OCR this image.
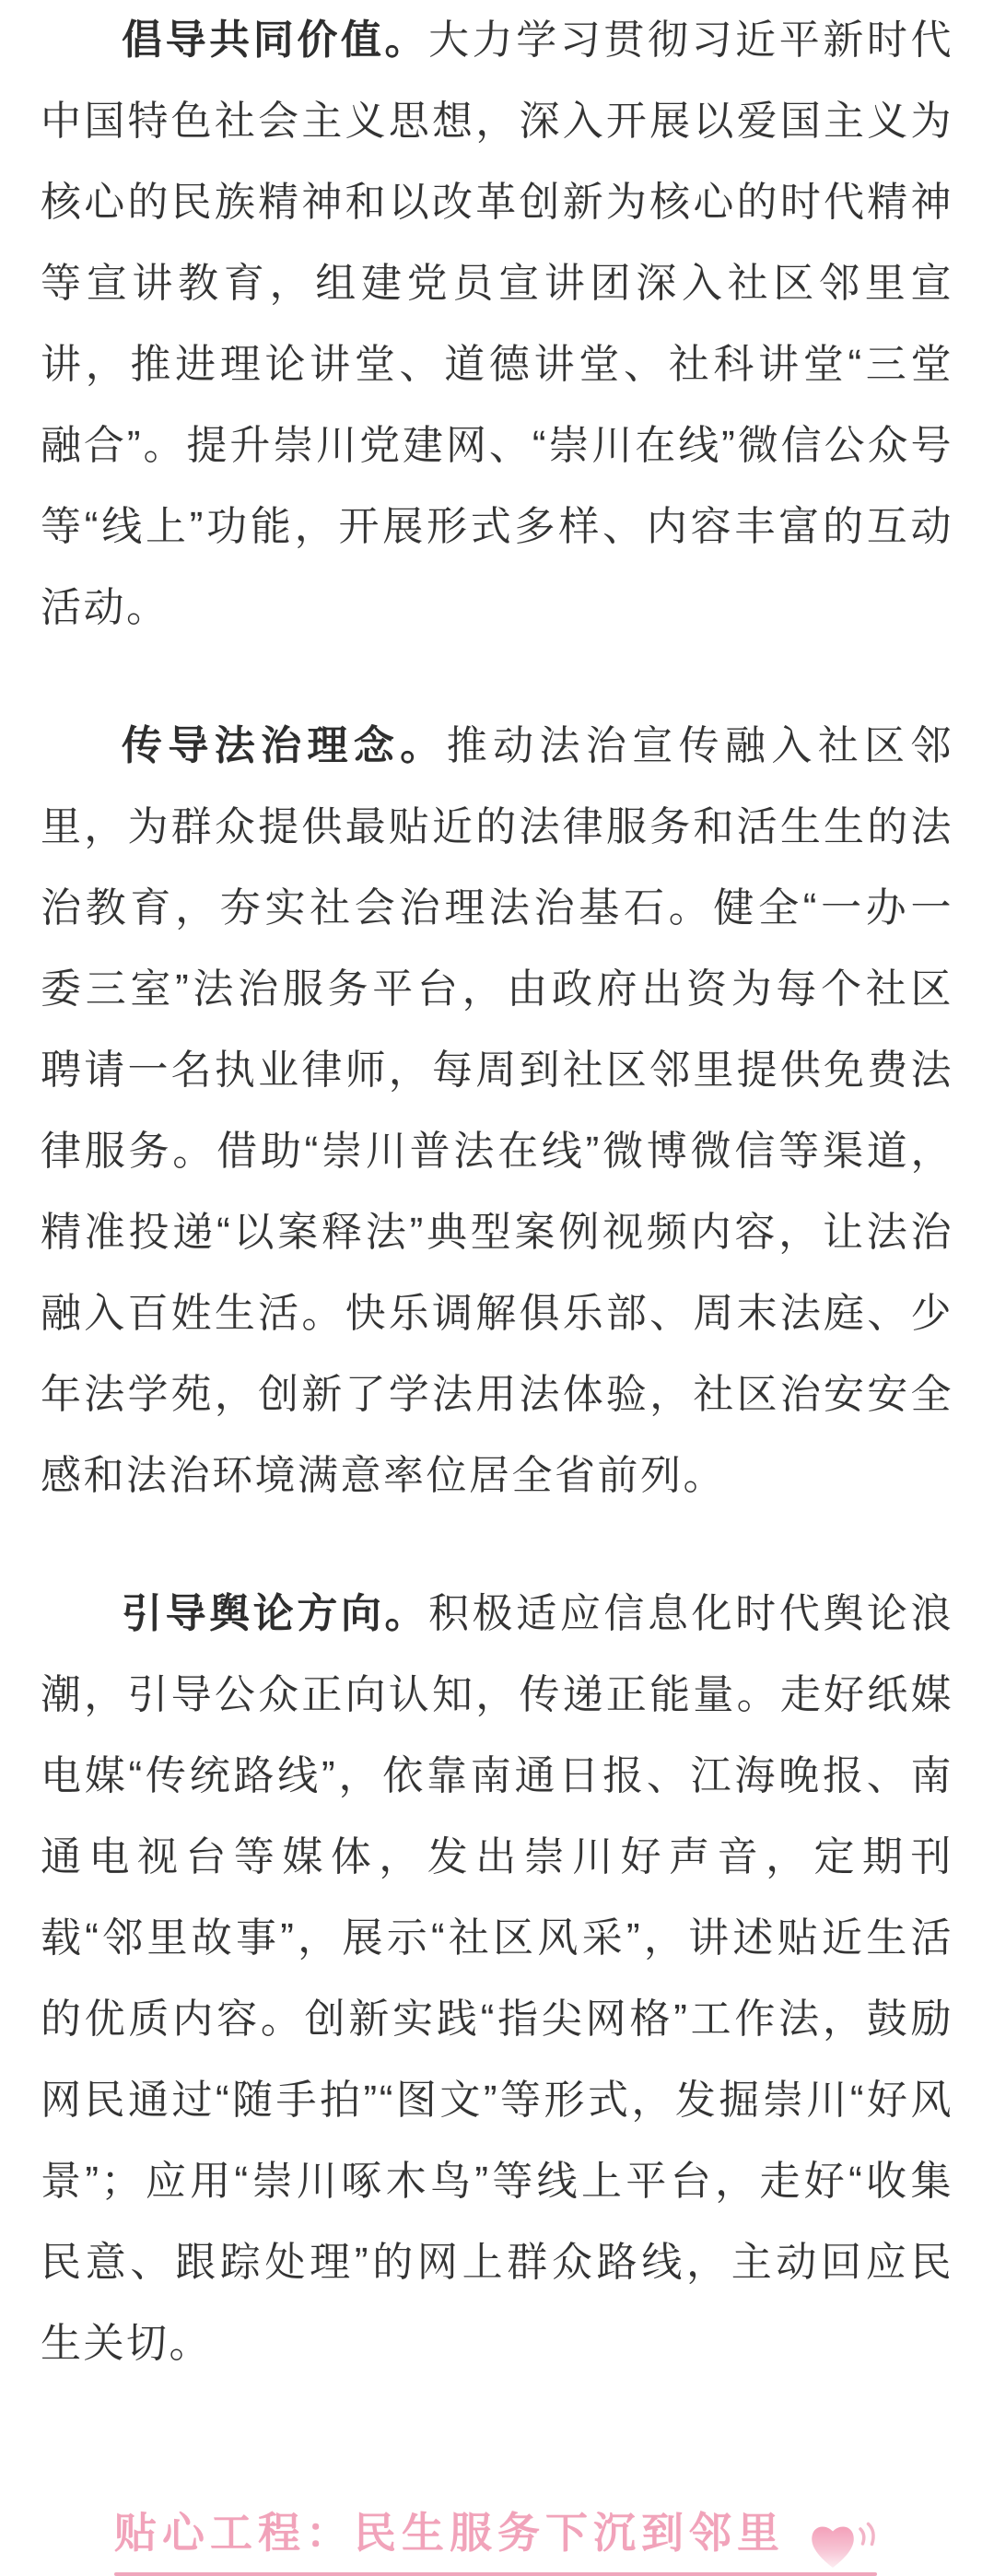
倡导共同价值。大力学习贯彻习近平新时代中国特色社会主义思想，深入开展以爱国主义为核心的民族精神和以改革创新为核心的时代精神等宣讲教育，组建党员宣讲团深入社区邻里宣讲，推进理论讲堂、道德讲堂、社科讲堂“三堂融合”。提升崇川党建网、“崇川在线”微信公众号等“线上”功能，开展形式多样、内容丰富的互动活动。

传导法治理念。推动法治宣传融入社区邻里，为群众提供最贴近的法律服务和活生生的法治教育，夯实社会治理法治基石。健全“一办一委三室”法治服务平台，由政府出资为每个社区聘请一名执业律师，每周到社区邻里提供免费法律服务。借助“崇川普法在线”微博微信等渠道，精准投递“以案释法”典型案例视频内容，让法治融入百姓生活。快乐调解俱乐部、周末法庭、少年法学苑，创新了学法用法体验，社区治安安全感和法治环境满意率位居全省前列。

引导舆论方向。积极适应信息化时代舆论浪潮，引导公众正向认知，传递正能量。走好纸媒电媒“传统路线”，依靠南通日报、江海晚报、南通电视台等媒体，发出崇川好声音，定期刊载“邻里故事”，展示“社区风采”，讲述贴近生活的优质内容。创新实践“指尖网格”工作法，鼓励网民通过“随手拍”“图文”等形式，发掘崇川“好风景”；应用“崇川啄木鸟”等线上平台，走好“收集民意、跟踪处理”的网上群众路线，主动回应民生关切。

贴心工程：民生服务下沉到邻里
